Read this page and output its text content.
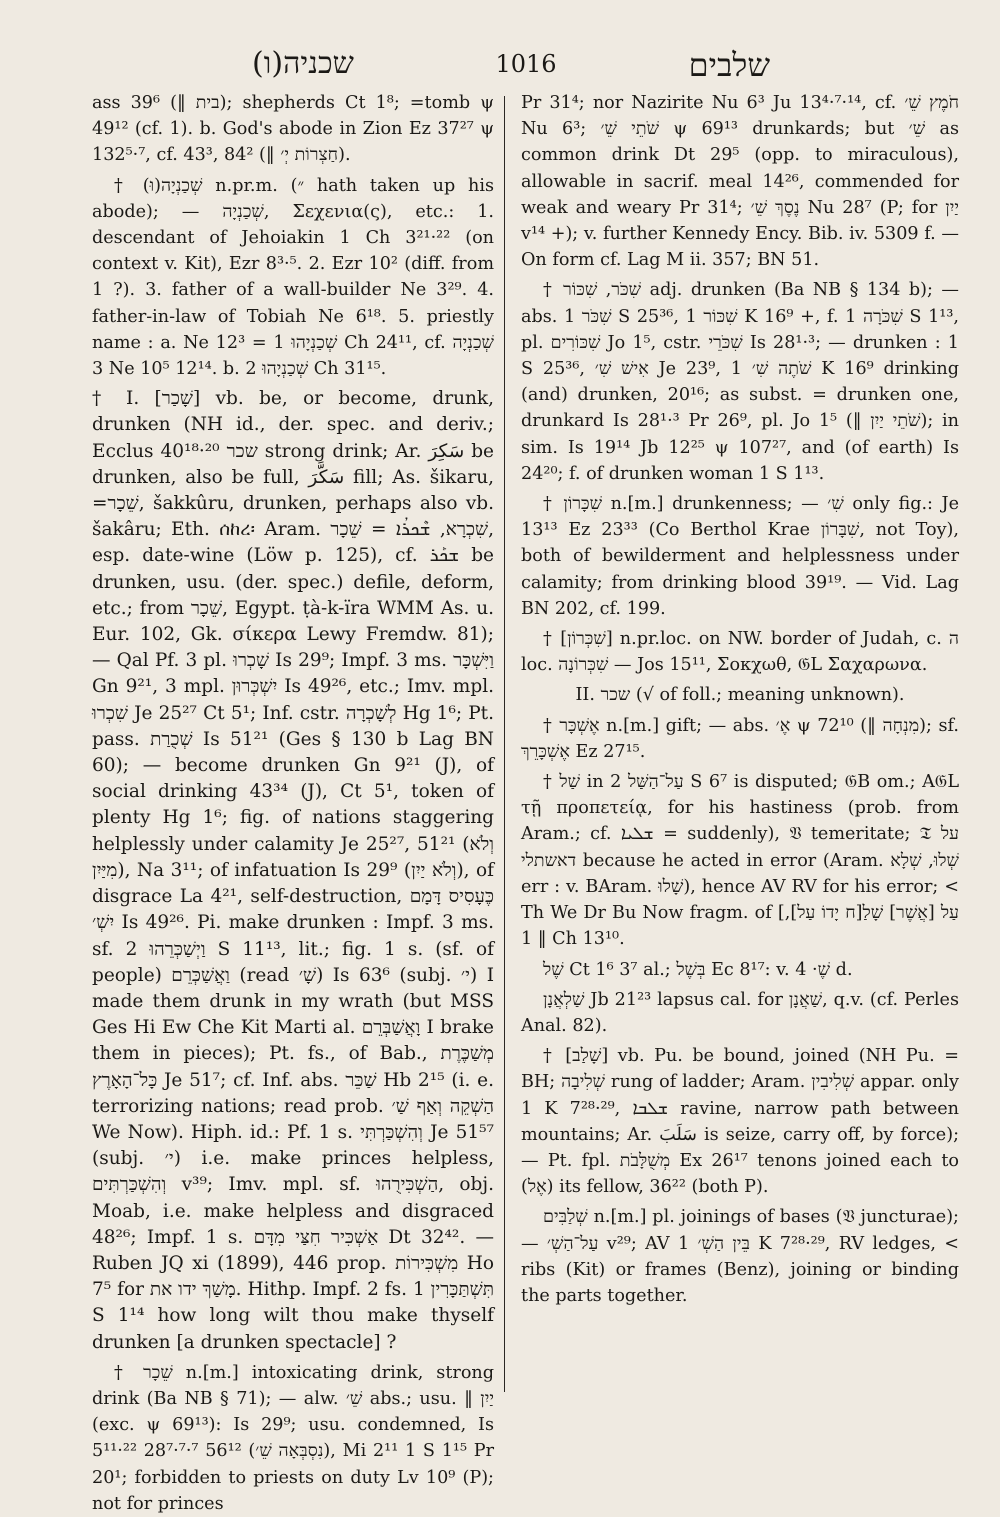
שכניה(ו)	1016	שלבים

ass 39⁶ (‖ בית); shepherds Ct 1⁸; =tomb ψ 49¹² (cf. 1). b. God's abode in Zion Ez 37²⁷ ψ 132⁵·⁷, cf. 43³, 84² (‖ חַצְרוֹת יְ׳).

† שְׁכַנְיָה(וּ) n.pr.m. (״ hath taken up his abode); — שְׁכַנְיָה, Σεχενια(ς), etc.: 1. descendant of Jehoiakin 1 Ch 3²¹·²² (on context v. Kit), Ezr 8³·⁵. 2. Ezr 10² (diff. from 1 ?). 3. father of a wall-builder Ne 3²⁹. 4. father-in-law of Tobiah Ne 6¹⁸. 5. priestly name : a. Ne 12³ = שְׁכַנְיָהוּ 1 Ch 24¹¹, cf. שְׁכַנְיָה 3 Ne 10⁵ 12¹⁴. b. שְׁכַנְיָהוּ 2 Ch 31¹⁵.

† I. [שָׁכַר] vb. be, or become, drunk, drunken (NH id., der. spec. and deriv.; Ecclus 40¹⁸·²⁰ שכר strong drink; Ar. سَكِرَ be drunken, also be full, سَكَّرَ fill; As. šikaru, =שֵׁכָר, šakkûru, drunken, perhaps also vb. šakâru; Eth. ሰከረ፡ Aram. שִׁכְרָא, ܫܶܟܪܳܐ = שֵׁכָר, esp. date-wine (Löw p. 125), cf. ܫܟܰܪ be drunken, usu. (der. spec.) defile, deform, etc.; from שֵׁכָר, Egypt. ṭà-k-ïra WMM As. u. Eur. 102, Gk. σίκερα Lewy Fremdw. 81); — Qal Pf. 3 pl. שָׁכְרוּ Is 29⁹; Impf. 3 ms. וַיִּשְׁכָּר Gn 9²¹, 3 mpl. יִשְׁכְּרוּן Is 49²⁶, etc.; Imv. mpl. שִׁכְרוּ Je 25²⁷ Ct 5¹; Inf. cstr. לְשָׁכְרָה Hg 1⁶; Pt. pass. שְׁכֻרַת Is 51²¹ (Ges § 130 b Lag BN 60); — become drunken Gn 9²¹ (J), of social drinking 43³⁴ (J), Ct 5¹, token of plenty Hg 1⁶; fig. of nations staggering helplessly under calamity Je 25²⁷, 51²¹ (וְלֹא מִיַּיִן), Na 3¹¹; of infatuation Is 29⁹ (וְלֹא יַיִן), of disgrace La 4²¹, self-destruction, כֶּעָסִיס דָּמָם יִשְׁ׳ Is 49²⁶. Pi. make drunken : Impf. 3 ms. sf. וַיְשַׁכְּרֵהוּ 2 S 11¹³, lit.; fig. 1 s. (sf. of people) וַאֲשַׁכְּרֵם (read שָׁ׳) Is 63⁶ (subj. י׳) I made them drunk in my wrath (but MSS Ges Hi Ew Che Kit Marti al. וָאֲשַׁבְּרֵם I brake them in pieces); Pt. fs., of Bab., מְשַׁכֶּרֶת כָּל־הָאָרֶץ Je 51⁷; cf. Inf. abs. שַׁכֵּר Hb 2¹⁵ (i. e. terrorizing nations; read prob. הַשְׁקֵה וְאַף שַׁ׳ We Now). Hiph. id.: Pf. 1 s. וְהִשְׁכַּרְתִּי Je 51⁵⁷ (subj. י׳) i.e. make princes helpless, וְהִשְׁכַּרְתִּים v³⁹; Imv. mpl. sf. הַשְׁכִּירֻהוּ, obj. Moab, i.e. make helpless and disgraced 48²⁶; Impf. 1 s. אַשְׁכִּיר חִצַּי מִדָּם Dt 32⁴². — Ruben JQ xi (1899), 446 prop. מִשְׁכִּירוֹת Ho 7⁵ for מָשַׁךְ ידו את. Hithp. Impf. 2 fs. תִּשְׁתַּכָּרִין 1 S 1¹⁴ how long wilt thou make thyself drunken [a drunken spectacle] ?

† שֵׁכָר n.[m.] intoxicating drink, strong drink (Ba NB § 71); — alw. שֵׁ׳ abs.; usu. ‖ יַיִן (exc. ψ 69¹³): Is 29⁹; usu. condemned, Is 5¹¹·²² 28⁷·⁷·⁷ 56¹² (נִסְבְּאָה שֵׁ׳), Mi 2¹¹ 1 S 1¹⁵ Pr 20¹; forbidden to priests on duty Lv 10⁹ (P); not for princes

Pr 31⁴; nor Nazirite Nu 6³ Ju 13⁴·⁷·¹⁴, cf. חֹמֶץ שֵׁ׳ Nu 6³; שֹׁתֵי שֵׁ׳ ψ 69¹³ drunkards; but שֵׁ׳ as common drink Dt 29⁵ (opp. to miraculous), allowable in sacrif. meal 14²⁶, commended for weak and weary Pr 31⁴; נֶסֶךְ שֵׁ׳ Nu 28⁷ (P; for יַיִן v¹⁴ +); v. further Kennedy Ency. Bib. iv. 5309 f. — On form cf. Lag M ii. 357; BN 51.

† שִׁכֹּר, שִׁכּוֹר adj. drunken (Ba NB § 134 b); — abs. שִׁכֹּר 1 S 25³⁶, שִׁכּוֹר 1 K 16⁹ +, f. שִׁכֹּרָה 1 S 1¹³, pl. שִׁכּוֹרִים Jo 1⁵, cstr. שִׁכֹּרֵי Is 28¹·³; — drunken : 1 S 25³⁶, אִישׁ שִׁ׳ Je 23⁹, שֹׁתֶה שִׁ׳ 1 K 16⁹ drinking (and) drunken, 20¹⁶; as subst. = drunken one, drunkard Is 28¹·³ Pr 26⁹, pl. Jo 1⁵ (‖ שֹׁתֵי יַיִן); in sim. Is 19¹⁴ Jb 12²⁵ ψ 107²⁷, and (of earth) Is 24²⁰; f. of drunken woman 1 S 1¹³.

† שִׁכָּרוֹן n.[m.] drunkenness; — שִׁ׳ only fig.: Je 13¹³ Ez 23³³ (Co Berthol Krae שִׁבָּרוֹן, not Toy), both of bewilderment and helplessness under calamity; from drinking blood 39¹⁹. — Vid. Lag BN 202, cf. 199.

† [שִׁכְּרוֹן] n.pr.loc. on NW. border of Judah, c. ה loc. שִׁכְּרוֹנָה — Jos 15¹¹, Σοκχωθ, 𝔊L Σαχαρωνα.

II. שכר (√ of foll.; meaning unknown).

† אֶשְׁכָּר n.[m.] gift; — abs. אֶ׳ ψ 72¹⁰ (‖ מִנְחָה); sf. אֶשְׁכָּרֵךְ Ez 27¹⁵.

† שַׁל in עַל־הַשַּׁל 2 S 6⁷ is disputed; 𝔊B om.; A𝔊L τῇ προπετείᾳ, for his hastiness (prob. from Aram.; cf. ܫܠܝܐ = suddenly), 𝔙 temeritate; 𝔗 על דאשתלי because he acted in error (Aram. שְׁלוּ, שְׁלָא err : v. BAram. שָׁלוּ), hence AV RV for his error; < Th We Dr Bu Now fragm. of [עַל [אֲשֶׁר] שָׁלַ[ח יָדוֹ עַל], ‖ 1 Ch 13¹⁰.

שֶׁל Ct 1⁶ 3⁷ al.; בְּשֶׁל Ec 8¹⁷: v. שֶׁ· 4 d.

שַׁלְאֲנָן Jb 21²³ lapsus cal. for שַׁאֲנָן, q.v. (cf. Perles Anal. 82).

† [שָׁלַב] vb. Pu. be bound, joined (NH Pu. = BH; שְׁלִיבָה rung of ladder; Aram. שְׁלִיבִין appar. only 1 K 7²⁸·²⁹, ܫܠܒܐ ravine, narrow path between mountains; Ar. سَلَبَ is seize, carry off, by force); — Pt. fpl. מְשֻׁלָּבֹת Ex 26¹⁷ tenons joined each to (אֶל) its fellow, 36²² (both P).

שְׁלַבִּים n.[m.] pl. joinings of bases (𝔙 juncturae); — עַל־הַשְׁ׳ v²⁹; AV בֵּין הַשְׁ׳ 1 K 7²⁸·²⁹, RV ledges, < ribs (Kit) or frames (Benz), joining or binding the parts together.
